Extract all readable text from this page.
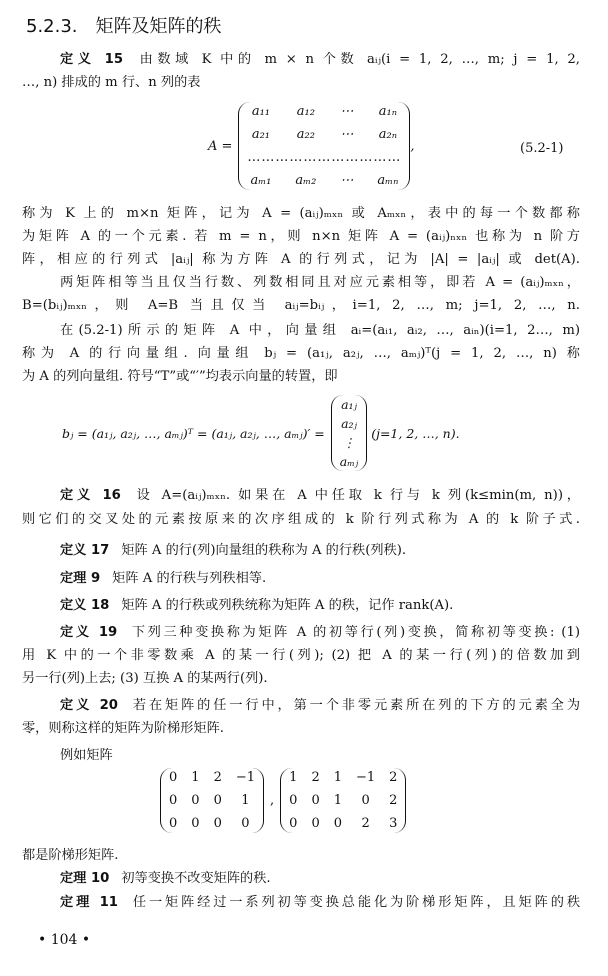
5.2.3. 矩阵及矩阵的秩
定义 15 由数域 K 中的 m × n 个数 aᵢⱼ(i = 1, 2, …, m; j = 1, 2,
…, n) 排成的 m 行、n 列的表
A =
a₁₁	a₁₂	⋯	a₁ₙ
a₂₁	a₂₂	⋯	a₂ₙ
……………………………
aₘ₁ aₘ₂ ⋯ aₘₙ
,	(5.2-1)
称为 K 上的 m×n 矩阵，记为 A = (aᵢⱼ)ₘₓₙ 或 Aₘₓₙ，表中的每一个数都称
为矩阵 A 的一个元素. 若 m = n，则 n×n 矩阵 A = (aᵢⱼ)ₙₓₙ 也称为 n 阶方
阵，相应的行列式 |aᵢⱼ| 称为方阵 A 的行列式，记为 |A| = |aᵢⱼ| 或 det(A).
两矩阵相等当且仅当行数、列数相同且对应元素相等，即若 A = (aᵢⱼ)ₘₓₙ，
B=(bᵢⱼ)ₘₓₙ，则 A=B 当且仅当 aᵢⱼ=bᵢⱼ，i=1, 2, …, m; j=1, 2, …, n.
在(5.2-1)所示的矩阵 A 中，向量组 aᵢ=(aᵢ₁, aᵢ₂, …, aᵢₙ)(i=1, 2…, m)
称为 A 的行向量组. 向量组 bⱼ = (a₁ⱼ, a₂ⱼ, …, aₘⱼ)ᵀ(j = 1, 2, …, n) 称
为 A 的列向量组. 符号“T”或“′”均表示向量的转置，即
bⱼ = (a₁ⱼ, a₂ⱼ, …, aₘⱼ)ᵀ = (a₁ⱼ, a₂ⱼ, …, aₘⱼ)′ =
a₁ⱼ
a₂ⱼ
⋮
aₘⱼ
(j=1, 2, …, n).
定义 16 设 A=(aᵢⱼ)ₘₓₙ. 如果在 A 中任取 k 行与 k 列(k≤min(m, n))，
则它们的交叉处的元素按原来的次序组成的 k 阶行列式称为 A 的 k 阶子式.
定义 17 矩阵 A 的行(列)向量组的秩称为 A 的行秩(列秩).
定理 9 矩阵 A 的行秩与列秩相等.
定义 18 矩阵 A 的行秩或列秩统称为矩阵 A 的秩，记作 rank(A).
定义 19 下列三种变换称为矩阵 A 的初等行(列)变换，简称初等变换: (1)
用 K 中的一个非零数乘 A 的某一行(列); (2) 把 A 的某一行(列)的倍数加到
另一行(列)上去; (3) 互换 A 的某两行(列).
定义 20 若在矩阵的任一行中，第一个非零元素所在列的下方的元素全为
零，则称这样的矩阵为阶梯形矩阵.
例如矩阵
0 1 2 −1
0 0 0	1
0 0 0	0
,
1 2 1 −1 2
0 0 1	0	2
0 0 0	2	3
都是阶梯形矩阵.
定理 10 初等变换不改变矩阵的秩.
定理 11 任一矩阵经过一系列初等变换总能化为阶梯形矩阵，且矩阵的秩
• 104 •
